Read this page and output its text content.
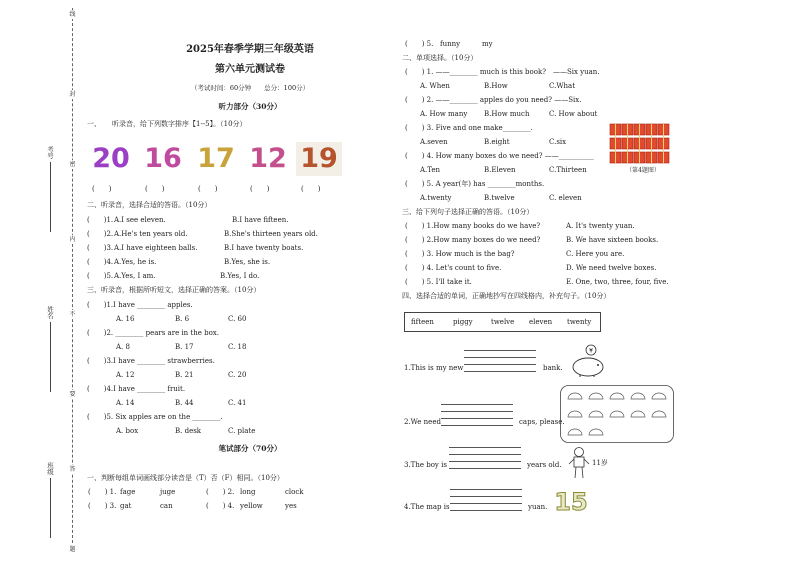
线
封
密
内
不
要
答
题
考号
姓名
班级
2025年春季学期三年级英语
第六单元测试卷
（考试时间：60分钟　　总分：100分）
听力部分（30分）
一、 听录音，给下列数字排序【1--5】。（10分）
20 16 17 12 19
(　　)	(　　)	(　　)	(　　)	(　　)
二、听录音，选择合适的答语。（10分）
(　　)1. A.I see eleven.	B.I have fifteen.
(　　)2. A.He's ten years old.	B.She's thirteen years old.
(　　)3. A.I have eighteen balls.	B.I have twenty boats.
(　　)4. A.Yes, he is.	B.Yes, she is.
(　　)5. A.Yes, I am.	B.Yes, I do.
三、听录音，根据所听短文，选择正确的答案。（10分）
(　　)1.I have ________ apples.
A. 16	B. 6	C. 60
(　　)2. ________ pears are in the box.
A. 8	B. 17	C. 18
(　　)3.I have ________ strawberries.
A. 12	B. 21	C. 20
(　　)4.I have ________ fruit.
A. 14	B. 44	C. 41
(　　)5. Six apples are on the ________.
A. box	B. desk	C. plate
笔试部分（70分）
一、判断每组单词画线部分读音是（T）否（F）相同。（10分）
(　　) 1. fage	juge	(　　) 2. long	clock
(　　) 3. gat	can	(　　) 4. yellow	yes
(　　) 5. funny	my
二、单项选择。（10分）
(　　) 1. ——________ much is this book?　——Six yuan.
A. When	B.How	C.What
(　　) 2. ——________ apples do you need? ——Six.
A. How many B.How much	C. How about
(　　) 3. Five and one make________.
A.seven	B.eight	C.six
(　　) 4. How many boxes do we need? ——__________
A.Ten	B.Eleven	C.Thirteen
(　　) 5. A year(年) has ________months.
A.twenty	B.twelve	C. eleven
（第4题图）
三、给下列句子选择正确的答语。（10分）
(　　) 1.How many books do we have?	A. It's twenty yuan.
(　　) 2.How many boxes do we need?	B. We have sixteen books.
(　　) 3. How much is the bag?	C. Here you are.
(　　) 4. Let's count to five.	D. We need twelve boxes.
(　　) 5. I'll take it.	E. One, two, three, four, five.
四、选择合适的单词，正确地抄写在四线格内，补充句子。（10分）
fifteen	piggy	twelve eleven twenty
1.This is my new	bank.
¥
2.We need	caps, please.
3.The boy is	years old.	11岁
4.The map is	yuan. 15
